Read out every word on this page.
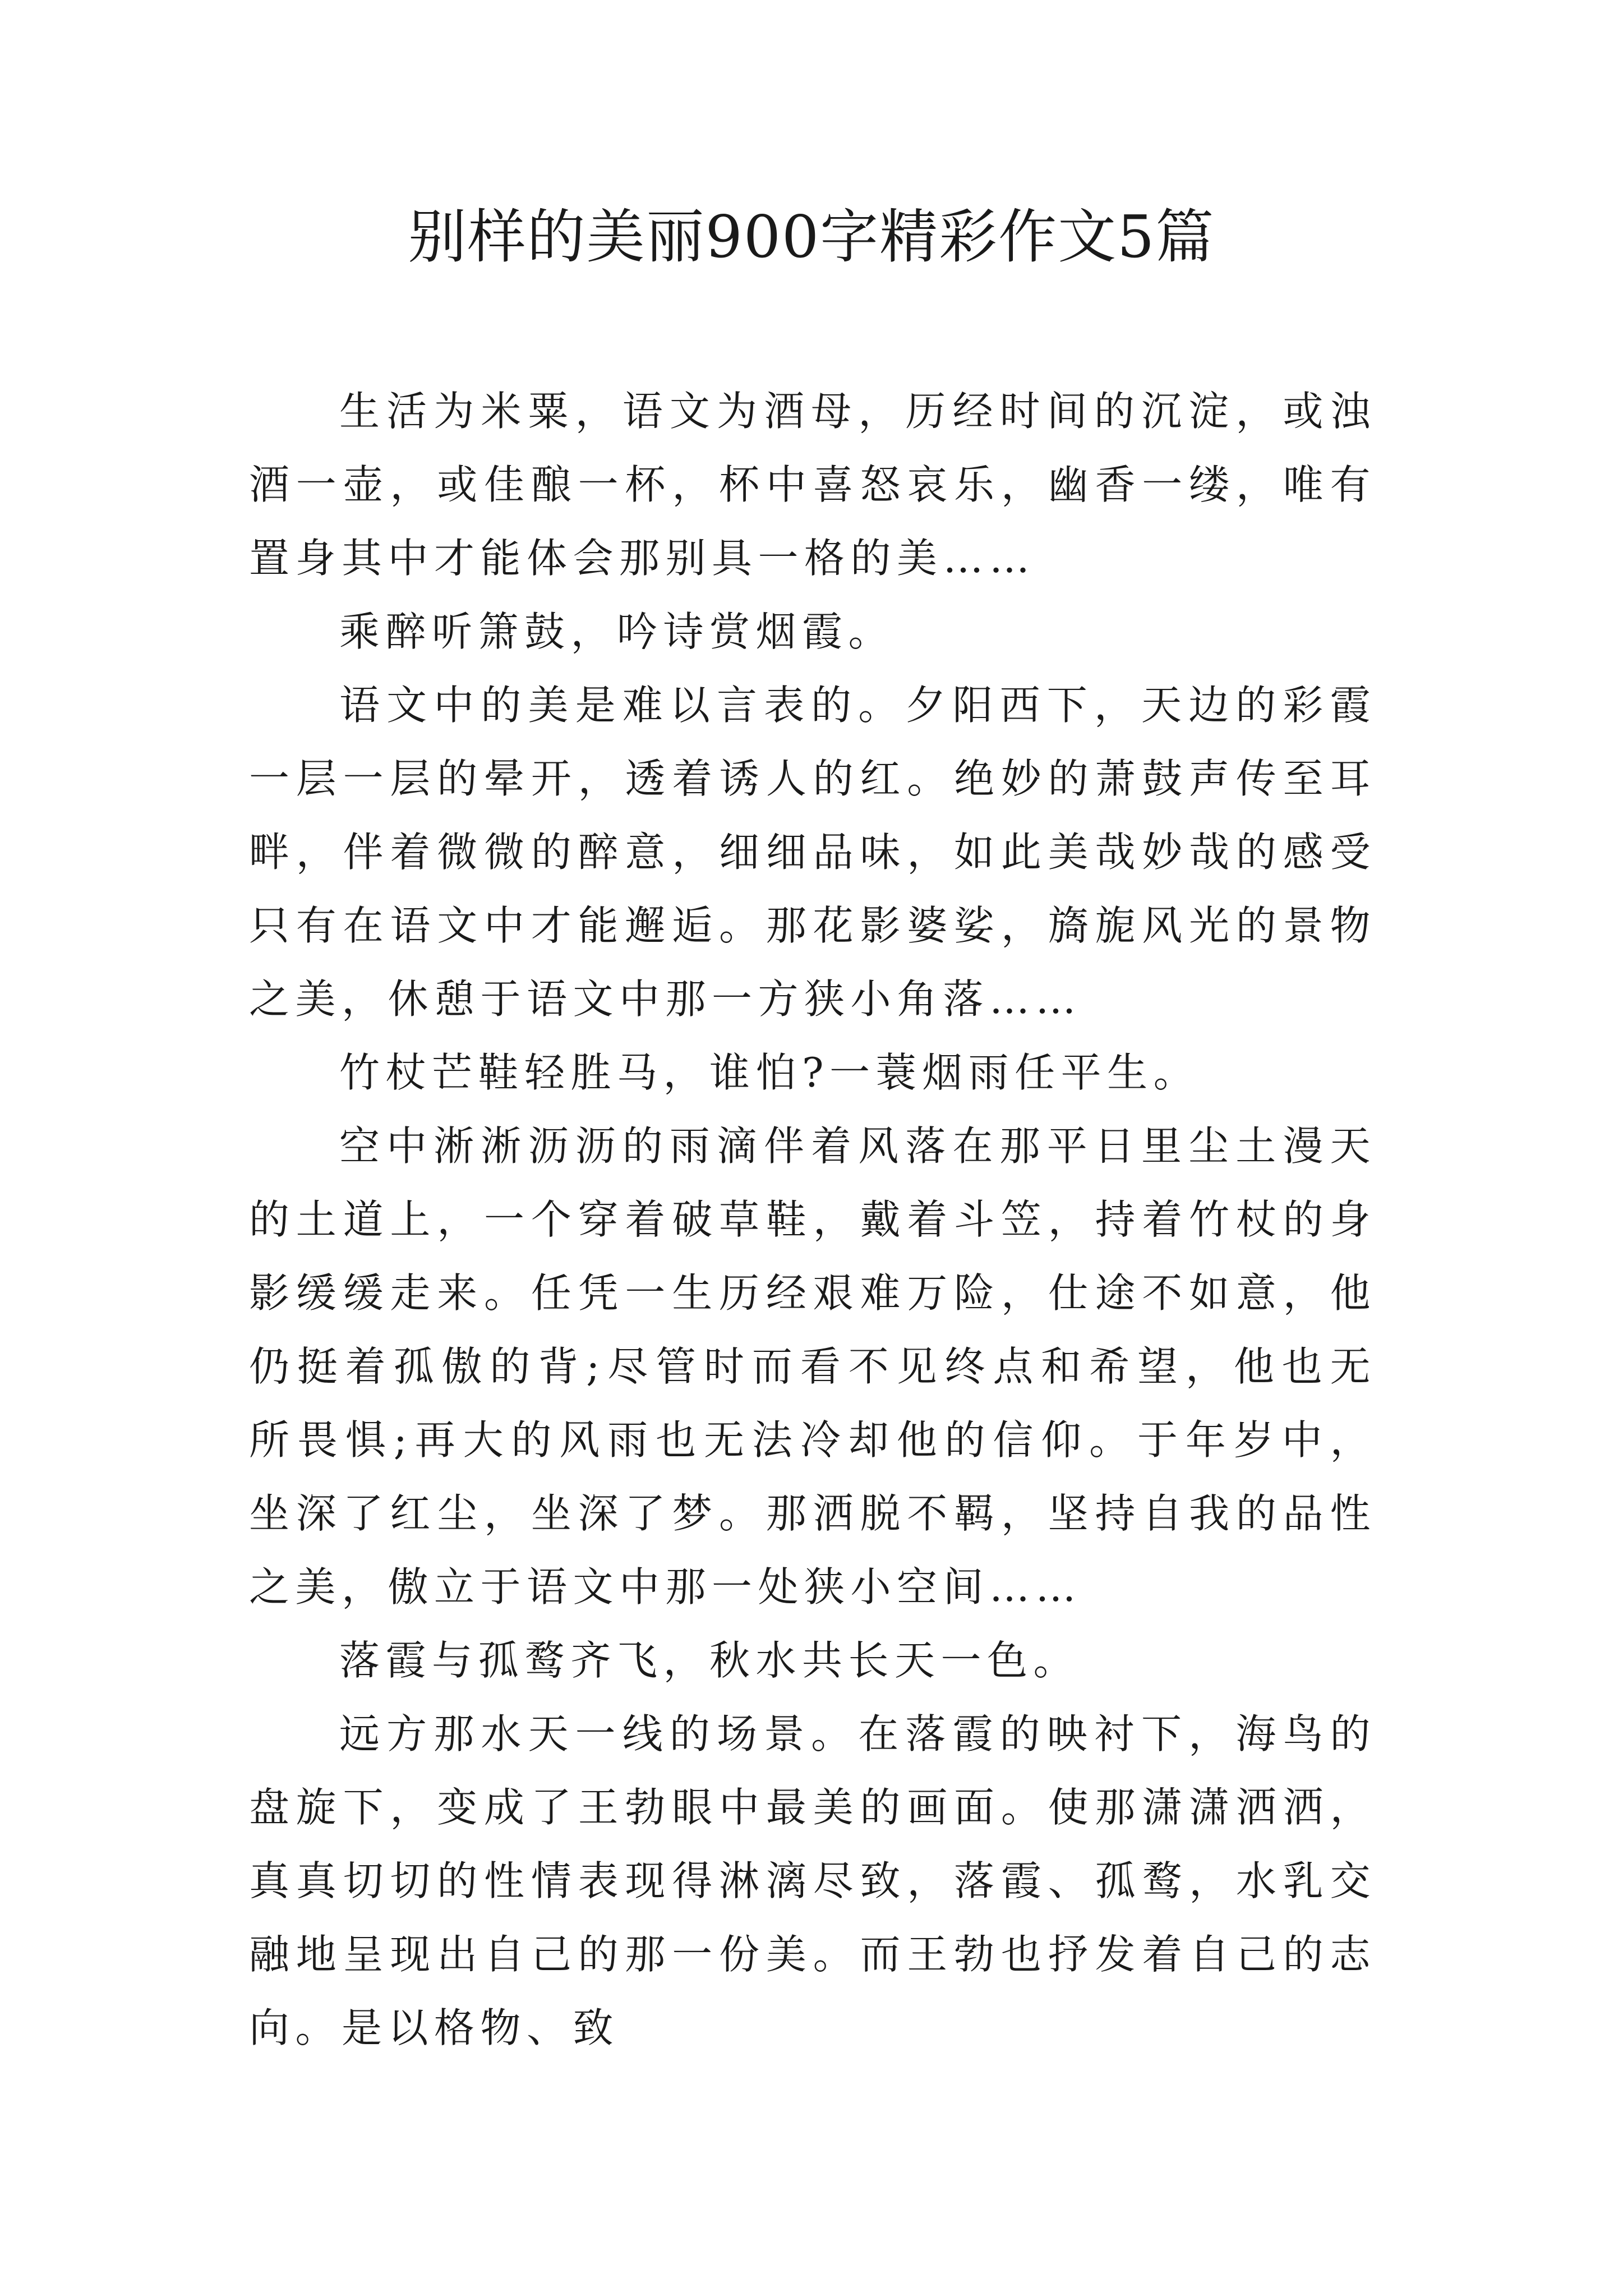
别样的美丽900字精彩作文5篇

生活为米粟，语文为酒母，历经时间的沉淀，或浊酒一壶，或佳酿一杯，杯中喜怒哀乐，幽香一缕，唯有置身其中才能体会那别具一格的美……

乘醉听箫鼓，吟诗赏烟霞。

语文中的美是难以言表的。夕阳西下，天边的彩霞一层一层的晕开，透着诱人的红。绝妙的萧鼓声传至耳畔，伴着微微的醉意，细细品味，如此美哉妙哉的感受只有在语文中才能邂逅。那花影婆娑，旖旎风光的景物之美，休憩于语文中那一方狭小角落……

竹杖芒鞋轻胜马，谁怕?一蓑烟雨任平生。

空中淅淅沥沥的雨滴伴着风落在那平日里尘土漫天的土道上，一个穿着破草鞋，戴着斗笠，持着竹杖的身影缓缓走来。任凭一生历经艰难万险，仕途不如意，他仍挺着孤傲的背;尽管时而看不见终点和希望，他也无所畏惧;再大的风雨也无法冷却他的信仰。于年岁中，坐深了红尘，坐深了梦。那洒脱不羁，坚持自我的品性之美，傲立于语文中那一处狭小空间……

落霞与孤鹜齐飞，秋水共长天一色。

远方那水天一线的场景。在落霞的映衬下，海鸟的盘旋下，变成了王勃眼中最美的画面。使那潇潇洒洒，真真切切的性情表现得淋漓尽致，落霞、孤鹜，水乳交融地呈现出自己的那一份美。而王勃也抒发着自己的志向。是以格物、致
